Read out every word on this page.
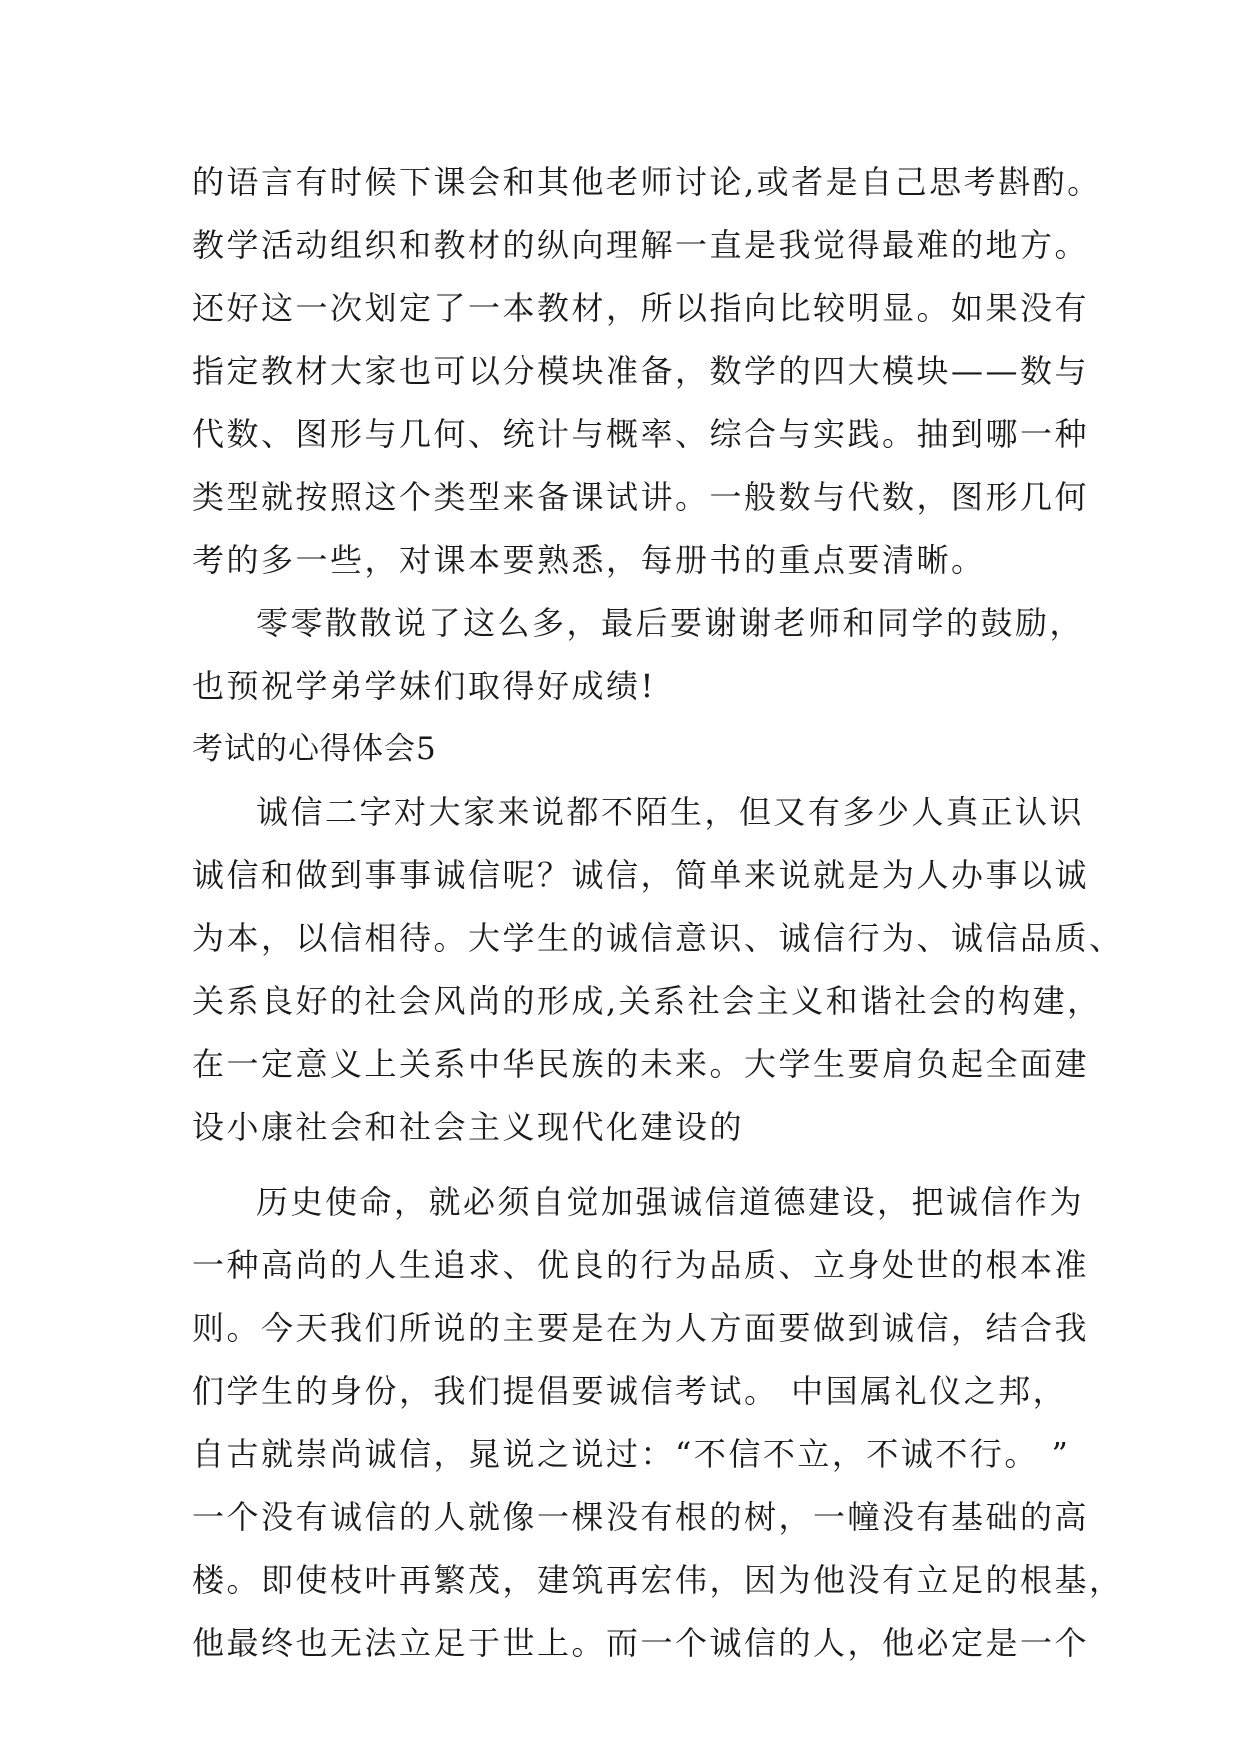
的语言有时候下课会和其他老师讨论,或者是自己思考斟酌。
教学活动组织和教材的纵向理解一直是我觉得最难的地方。
还好这一次划定了一本教材，所以指向比较明显。如果没有
指定教材大家也可以分模块准备，数学的四大模块——数与
代数、图形与几何、统计与概率、综合与实践。抽到哪一种
类型就按照这个类型来备课试讲。一般数与代数，图形几何
考的多一些，对课本要熟悉，每册书的重点要清晰。
零零散散说了这么多，最后要谢谢老师和同学的鼓励，
也预祝学弟学妹们取得好成绩!
考试的心得体会5
诚信二字对大家来说都不陌生，但又有多少人真正认识
诚信和做到事事诚信呢？诚信，简单来说就是为人办事以诚
为本，以信相待。大学生的诚信意识、诚信行为、诚信品质、
关系良好的社会风尚的形成,关系社会主义和谐社会的构建，
在一定意义上关系中华民族的未来。大学生要肩负起全面建
设小康社会和社会主义现代化建设的
历史使命，就必须自觉加强诚信道德建设，把诚信作为
一种高尚的人生追求、优良的行为品质、立身处世的根本准
则。今天我们所说的主要是在为人方面要做到诚信，结合我
们学生的身份，我们提倡要诚信考试。 中国属礼仪之邦，
自古就崇尚诚信，晁说之说过：“不信不立，不诚不行。 ”
一个没有诚信的人就像一棵没有根的树，一幢没有基础的高
楼。即使枝叶再繁茂，建筑再宏伟，因为他没有立足的根基，
他最终也无法立足于世上。而一个诚信的人，他必定是一个
